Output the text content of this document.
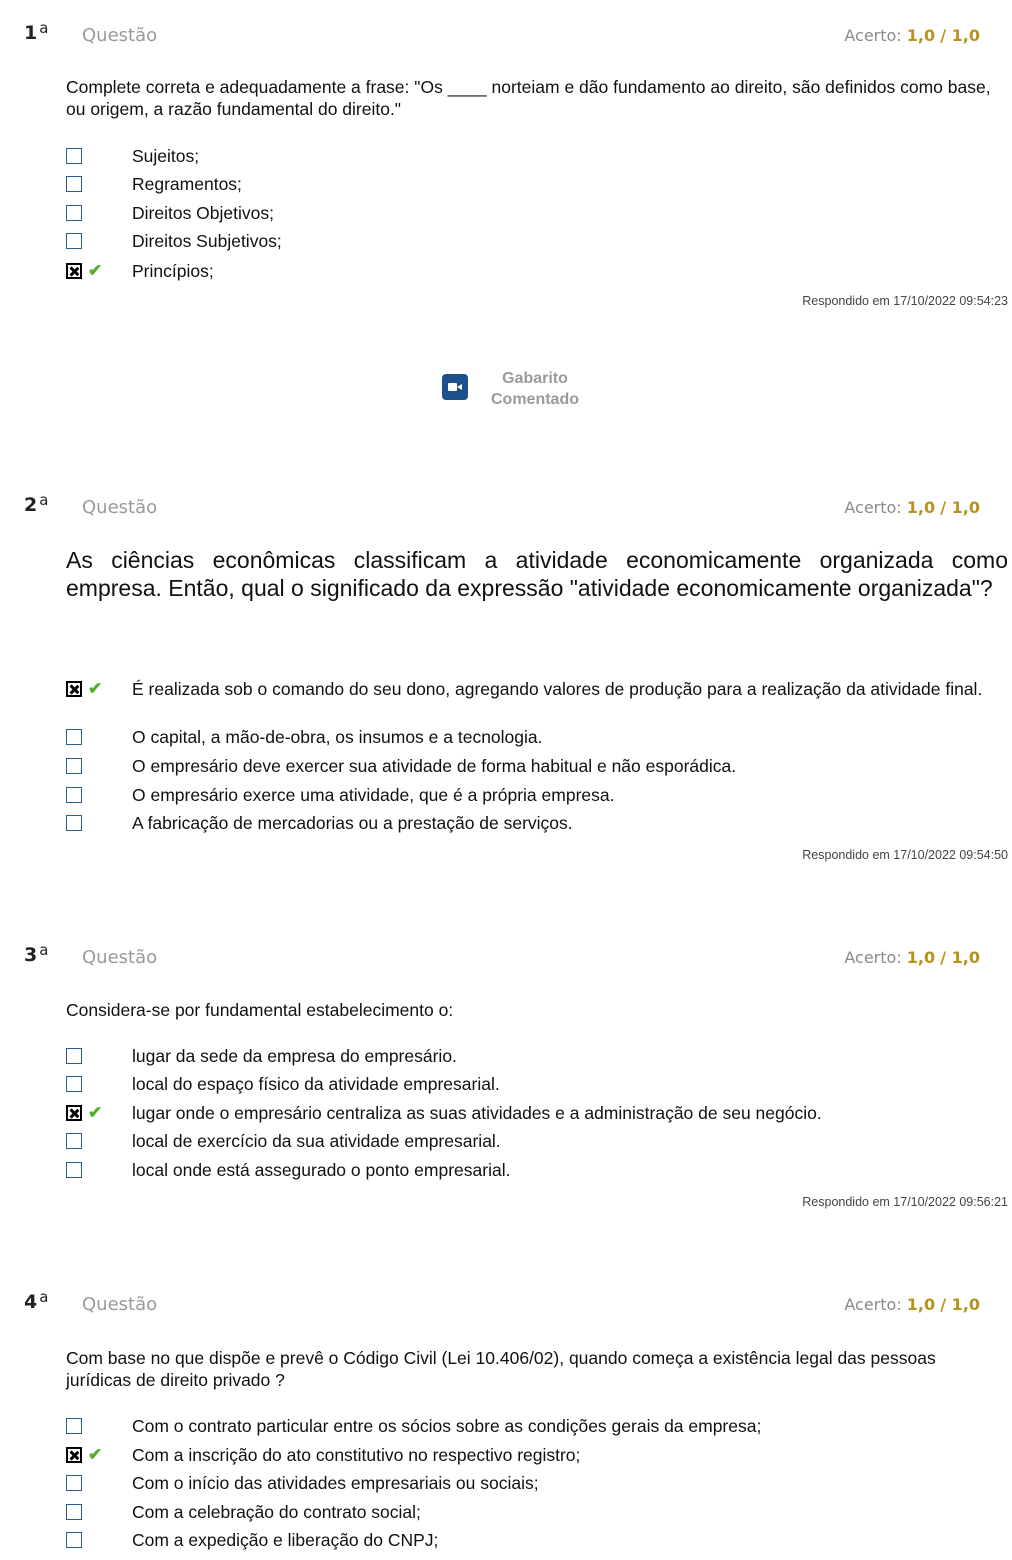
1 $^a$ Questão	Acerto: 1,0 / 1,0
Complete correta e adequadamente a frase: "Os ____ norteiam e dão fundamento ao direito, são definidos como base, ou origem, a razão fundamental do direito."
Sujeitos;
Regramentos;
Direitos Objetivos;
Direitos Subjetivos;
✔ Princípios;
Respondido em 17/10/2022 09:54:23
Gabarito
Comentado
2 $^a$ Questão	Acerto: 1,0 / 1,0
As ciências econômicas classificam a atividade economicamente organizada como empresa. Então, qual o significado da expressão "atividade economicamente organizada"?
✔ É realizada sob o comando do seu dono, agregando valores de produção para a realização da atividade final.
O capital, a mão-de-obra, os insumos e a tecnologia.
O empresário deve exercer sua atividade de forma habitual e não esporádica.
O empresário exerce uma atividade, que é a própria empresa.
A fabricação de mercadorias ou a prestação de serviços.
Respondido em 17/10/2022 09:54:50
3 $^a$ Questão	Acerto: 1,0 / 1,0
Considera-se por fundamental estabelecimento o:
lugar da sede da empresa do empresário.
local do espaço físico da atividade empresarial.
✔ lugar onde o empresário centraliza as suas atividades e a administração de seu negócio.
local de exercício da sua atividade empresarial.
local onde está assegurado o ponto empresarial.
Respondido em 17/10/2022 09:56:21
4 $^a$ Questão	Acerto: 1,0 / 1,0
Com base no que dispõe e prevê o Código Civil (Lei 10.406/02), quando começa a existência legal das pessoas jurídicas de direito privado ?
Com o contrato particular entre os sócios sobre as condições gerais da empresa;
✔ Com a inscrição do ato constitutivo no respectivo registro;
Com o início das atividades empresariais ou sociais;
Com a celebração do contrato social;
Com a expedição e liberação do CNPJ;
